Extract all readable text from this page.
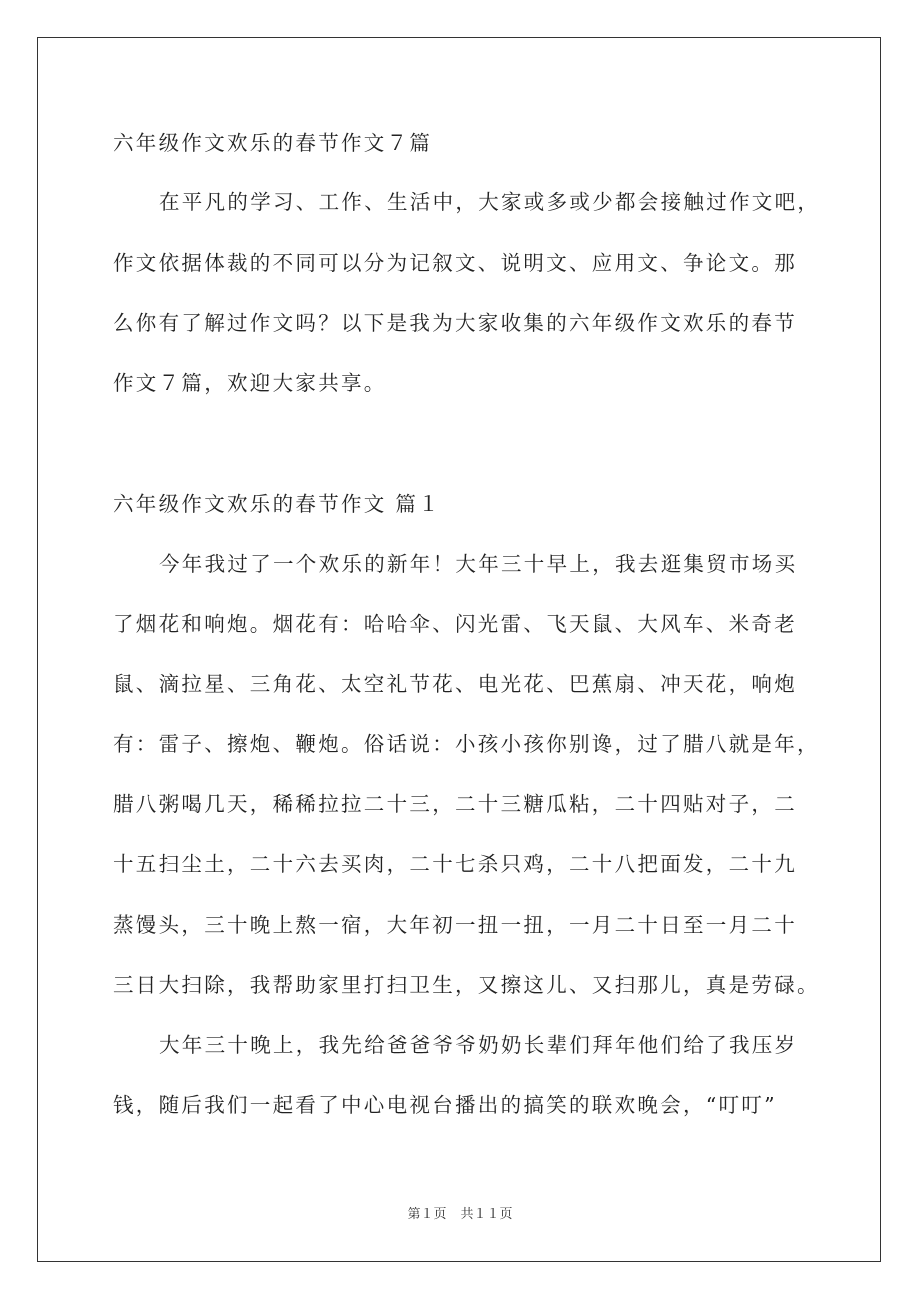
六年级作文欢乐的春节作文７篇
在平凡的学习、工作、生活中，大家或多或少都会接触过作文吧，
作文依据体裁的不同可以分为记叙文、说明文、应用文、争论文。那
么你有了解过作文吗？以下是我为大家收集的六年级作文欢乐的春节
作文７篇，欢迎大家共享。
六年级作文欢乐的春节作文 篇１
今年我过了一个欢乐的新年！大年三十早上，我去逛集贸市场买
了烟花和响炮。烟花有：哈哈伞、闪光雷、飞天鼠、大风车、米奇老
鼠、滴拉星、三角花、太空礼节花、电光花、巴蕉扇、冲天花，响炮
有：雷子、擦炮、鞭炮。俗话说：小孩小孩你别谗，过了腊八就是年，
腊八粥喝几天，稀稀拉拉二十三，二十三糖瓜粘，二十四贴对子，二
十五扫尘土，二十六去买肉，二十七杀只鸡，二十八把面发，二十九
蒸馒头，三十晚上熬一宿，大年初一扭一扭，一月二十日至一月二十
三日大扫除，我帮助家里打扫卫生，又擦这儿、又扫那儿，真是劳碌。
大年三十晚上，我先给爸爸爷爷奶奶长辈们拜年他们给了我压岁
钱，随后我们一起看了中心电视台播出的搞笑的联欢晚会，“叮叮”
第１页 共１１页
